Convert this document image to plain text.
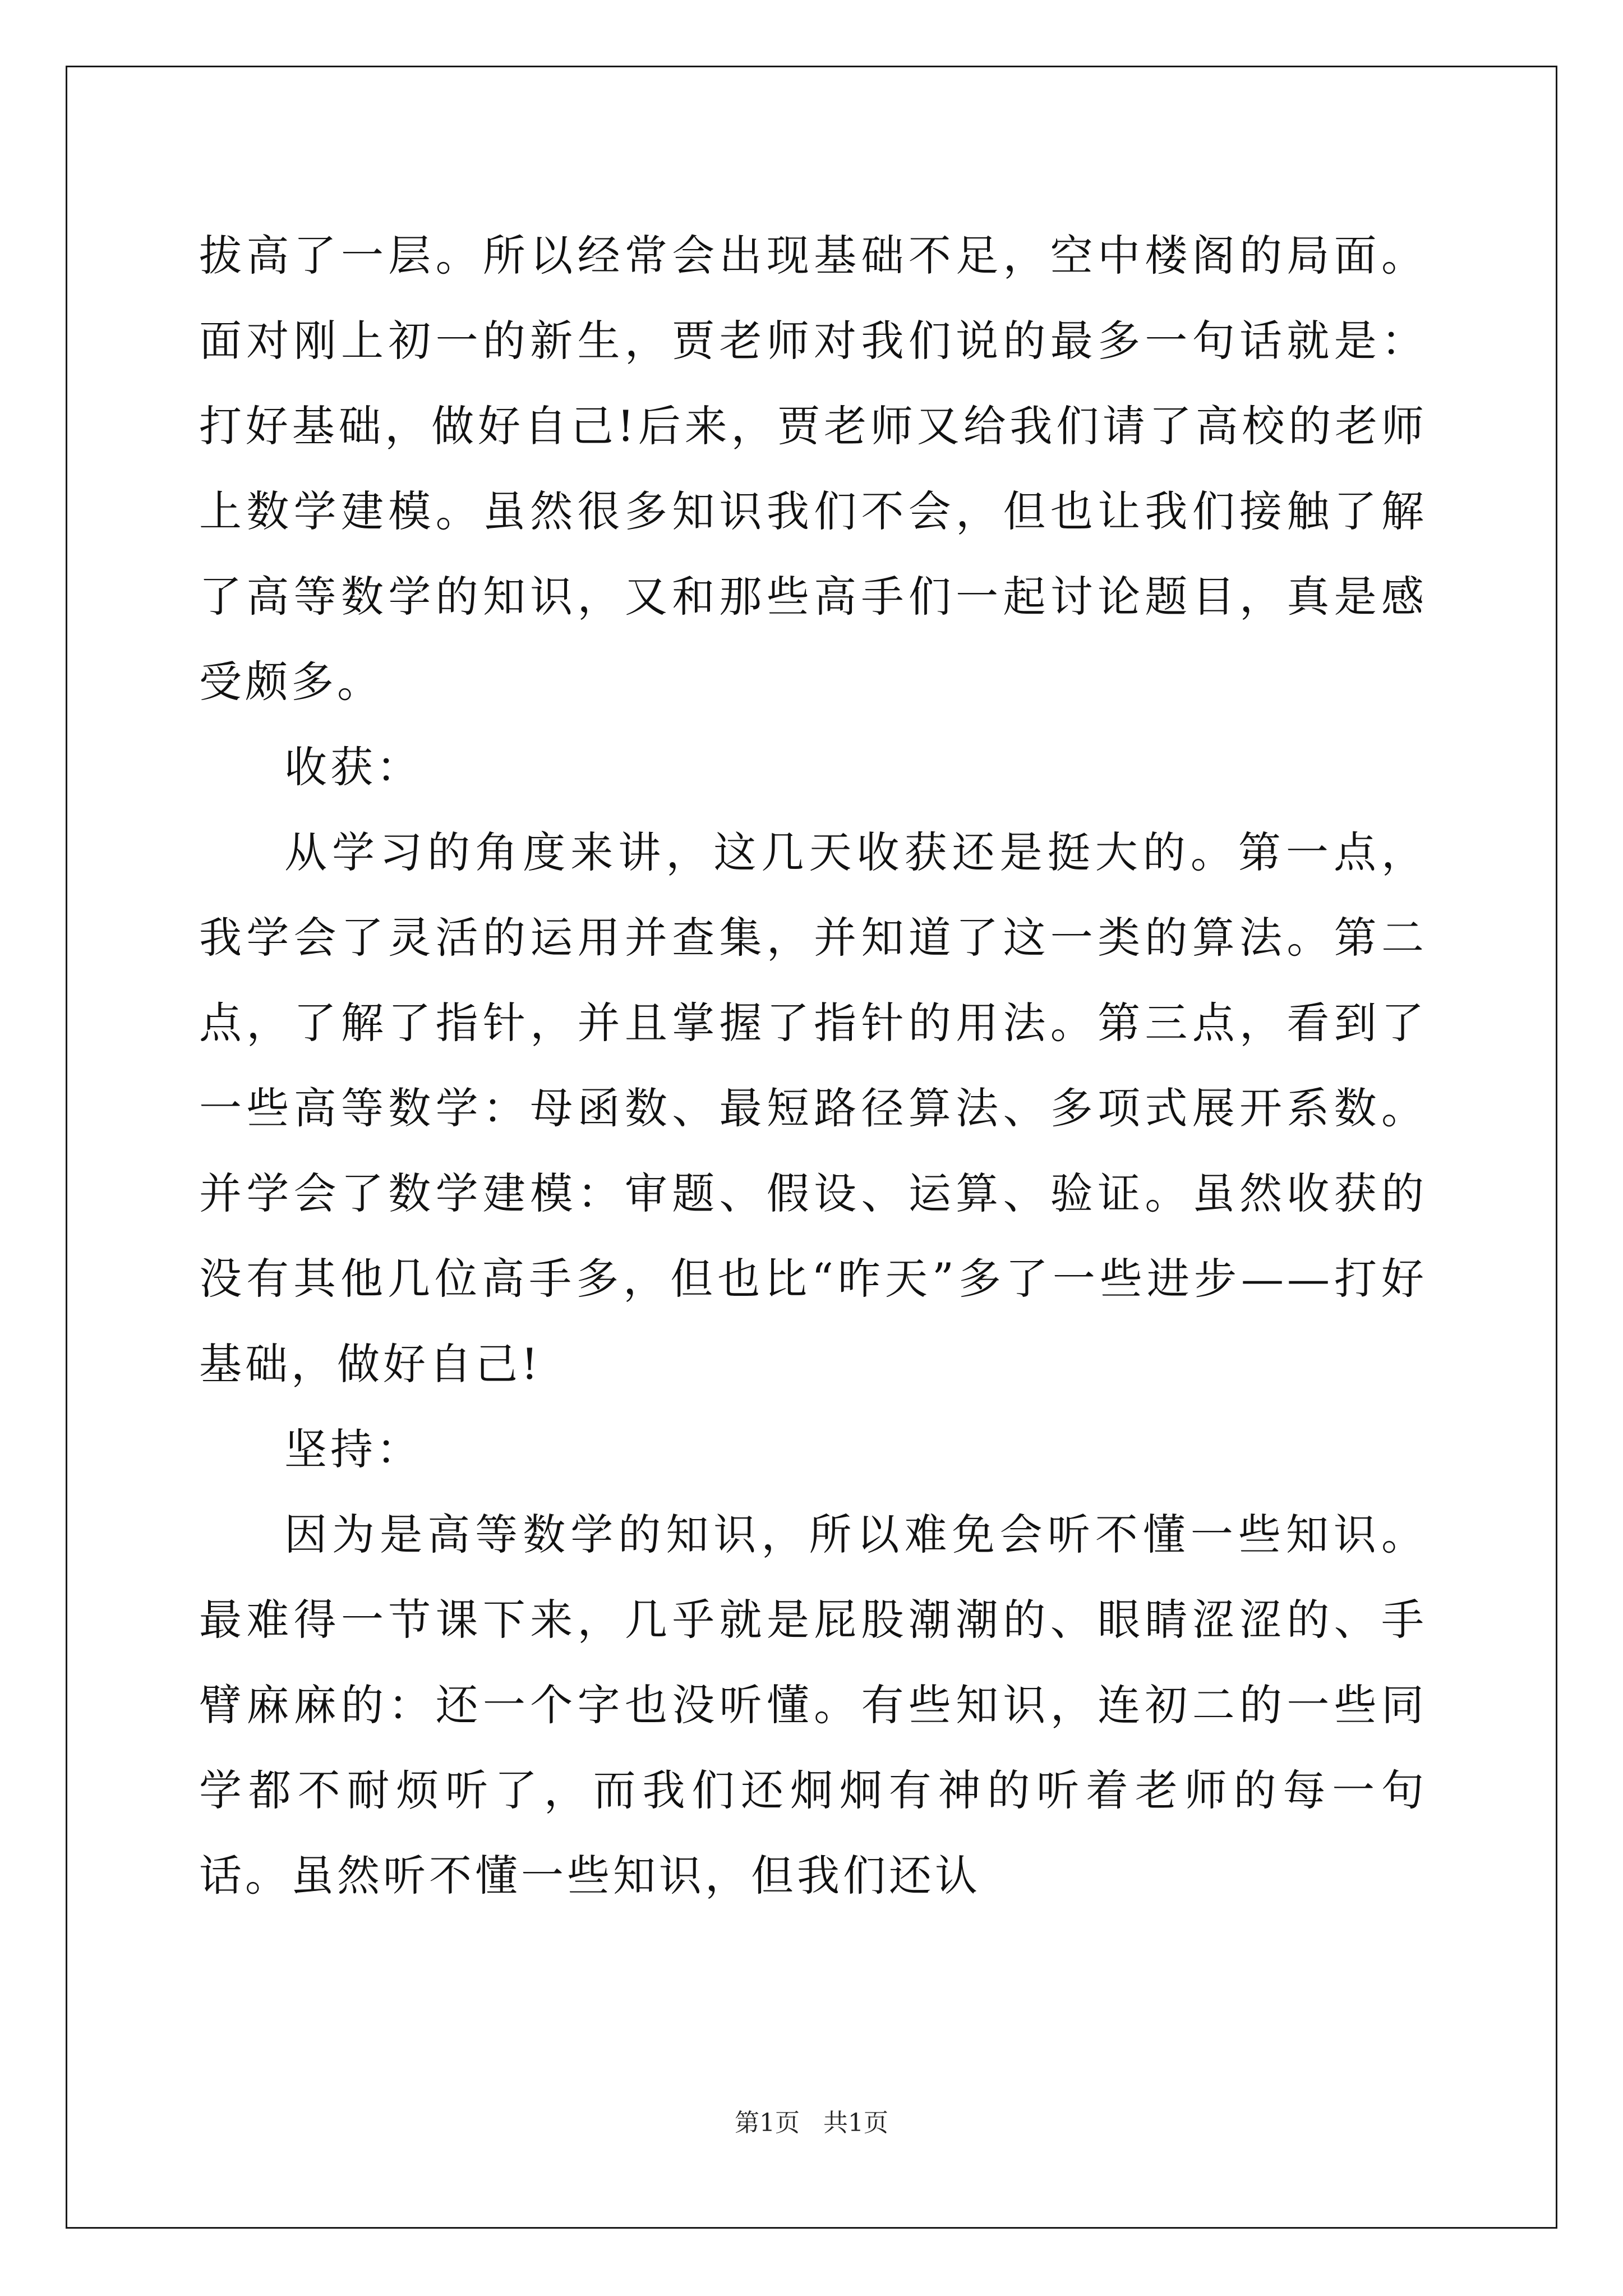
拔高了一层。所以经常会出现基础不足，空中楼阁的局面。面对刚上初一的新生，贾老师对我们说的最多一句话就是：打好基础，做好自己!后来，贾老师又给我们请了高校的老师上数学建模。虽然很多知识我们不会，但也让我们接触了解了高等数学的知识，又和那些高手们一起讨论题目，真是感受颇多。

收获：

从学习的角度来讲，这几天收获还是挺大的。第一点，我学会了灵活的运用并查集，并知道了这一类的算法。第二点，了解了指针，并且掌握了指针的用法。第三点，看到了一些高等数学：母函数、最短路径算法、多项式展开系数。并学会了数学建模：审题、假设、运算、验证。虽然收获的没有其他几位高手多，但也比“昨天”多了一些进步——打好基础，做好自己!

坚持：

因为是高等数学的知识，所以难免会听不懂一些知识。最难得一节课下来，几乎就是屁股潮潮的、眼睛涩涩的、手臂麻麻的：还一个字也没听懂。有些知识，连初二的一些同学都不耐烦听了，而我们还炯炯有神的听着老师的每一句话。虽然听不懂一些知识，但我们还认

第1页 共1页
